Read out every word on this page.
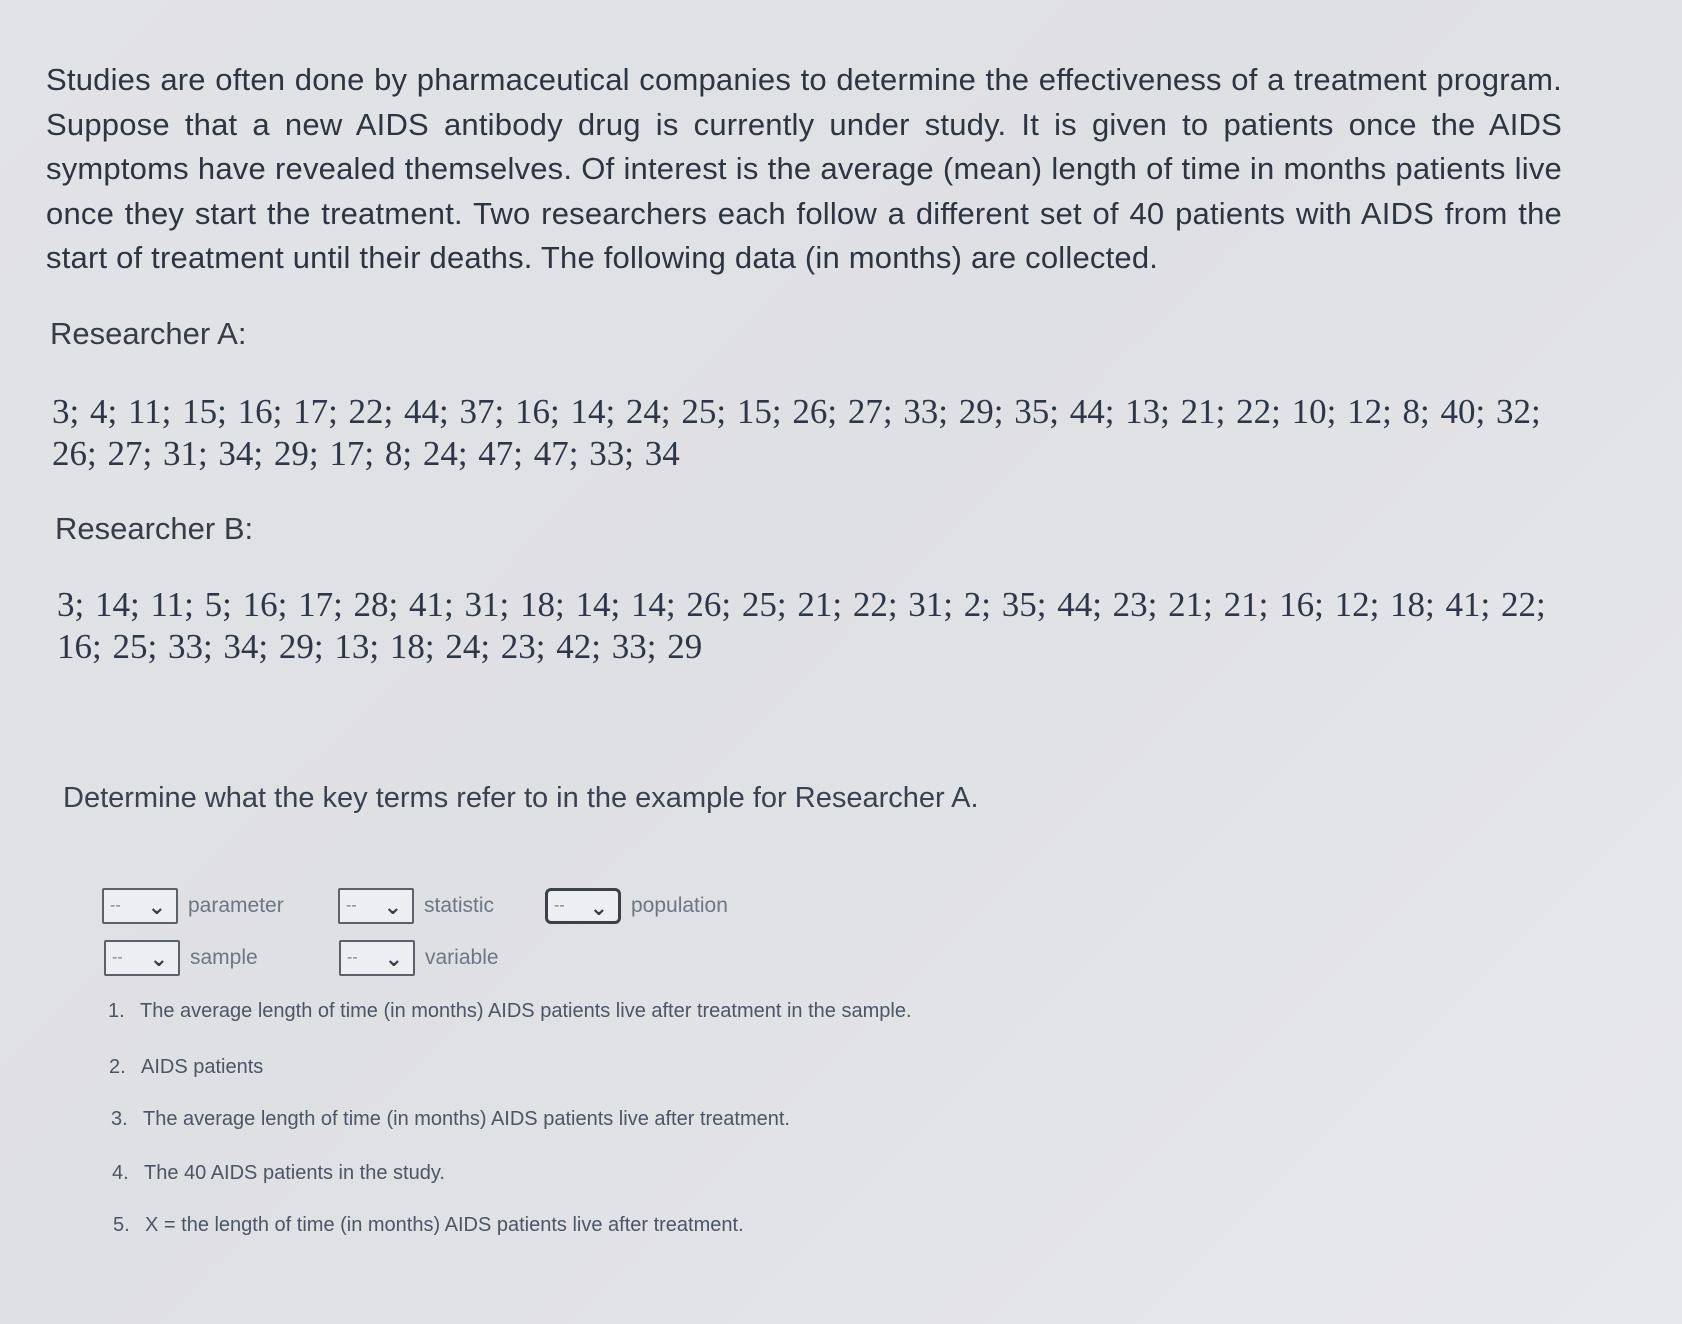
Studies are often done by pharmaceutical companies to determine the effectiveness of a treatment program. Suppose that a new AIDS antibody drug is currently under study. It is given to patients once the AIDS symptoms have revealed themselves. Of interest is the average (mean) length of time in months patients live once they start the treatment. Two researchers each follow a different set of 40 patients with AIDS from the start of treatment until their deaths. The following data (in months) are collected.
Researcher A:
3; 4; 11; 15; 16; 17; 22; 44; 37; 16; 14; 24; 25; 15; 26; 27; 33; 29; 35; 44; 13; 21; 22; 10; 12; 8; 40; 32; 26; 27; 31; 34; 29; 17; 8; 24; 47; 47; 33; 34
Researcher B:
3; 14; 11; 5; 16; 17; 28; 41; 31; 18; 14; 14; 26; 25; 21; 22; 31; 2; 35; 44; 23; 21; 21; 16; 12; 18; 41; 22; 16; 25; 33; 34; 29; 13; 18; 24; 23; 42; 33; 29
Determine what the key terms refer to in the example for Researcher A.
-- ⌄ parameter	-- ⌄ statistic	-- ⌄ population
-- ⌄ sample	-- ⌄ variable
1. The average length of time (in months) AIDS patients live after treatment in the sample.
2. AIDS patients
3. The average length of time (in months) AIDS patients live after treatment.
4. The 40 AIDS patients in the study.
5. X = the length of time (in months) AIDS patients live after treatment.
